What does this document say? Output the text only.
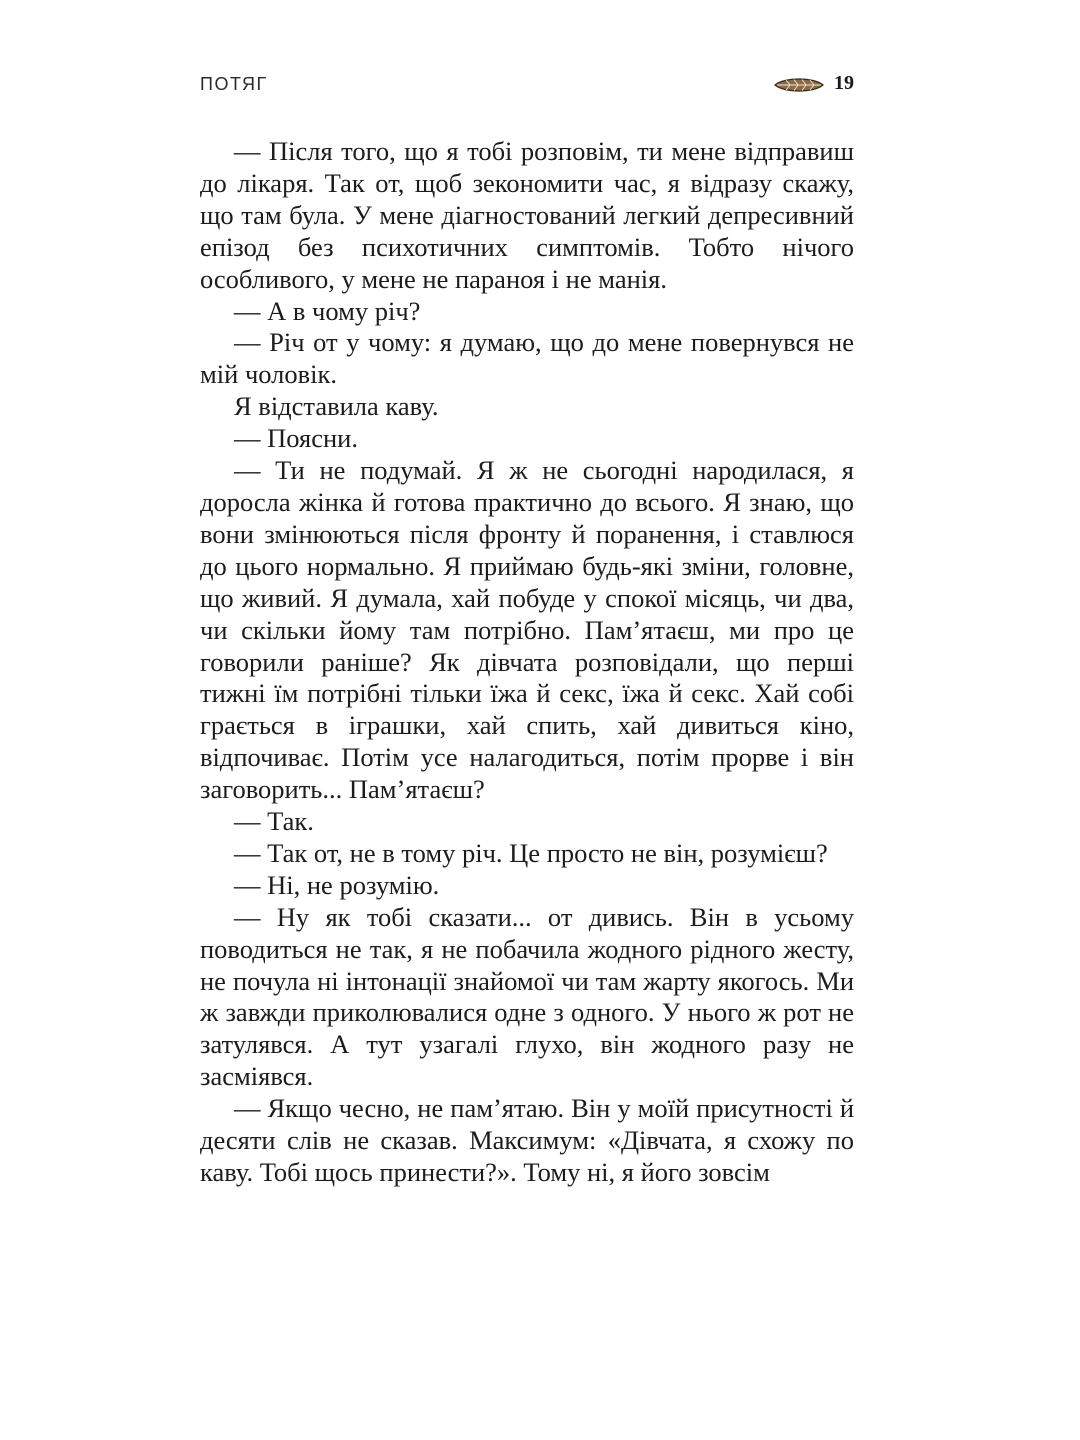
ПОТЯГ	19

— Після того, що я тобі розповім, ти мене відправиш до лікаря. Так от, щоб зекономити час, я відразу скажу, що там була. У мене діагностований легкий депресивний епізод без психотичних симптомів. Тобто нічого особливого, у мене не параноя і не манія.

— А в чому річ?

— Річ от у чому: я думаю, що до мене повернувся не мій чоловік.

Я відставила каву.

— Поясни.

— Ти не подумай. Я ж не сьогодні народилася, я доросла жінка й готова практично до всього. Я знаю, що вони змінюються після фронту й поранення, і ставлюся до цього нормально. Я приймаю будь-які зміни, головне, що живий. Я думала, хай побуде у спокої місяць, чи два, чи скільки йому там потрібно. Пам’ятаєш, ми про це говорили раніше? Як дівчата розповідали, що перші тижні їм потрібні тільки їжа й секс, їжа й секс. Хай собі грається в іграшки, хай спить, хай дивиться кіно, відпочиває. Потім усе налагодиться, потім прорве і він заговорить... Пам’ятаєш?

— Так.

— Так от, не в тому річ. Це просто не він, розумієш?

— Ні, не розумію.

— Ну як тобі сказати... от дивись. Він в усьому поводиться не так, я не побачила жодного рідного жесту, не почула ні інтонації знайомої чи там жарту якогось. Ми ж завжди приколювалися одне з одного. У нього ж рот не затулявся. А тут узагалі глухо, він жодного разу не засміявся.

— Якщо чесно, не пам’ятаю. Він у моїй присутності й десяти слів не сказав. Максимум: «Дівчата, я схожу по каву. Тобі щось принести?». Тому ні, я його зовсім
